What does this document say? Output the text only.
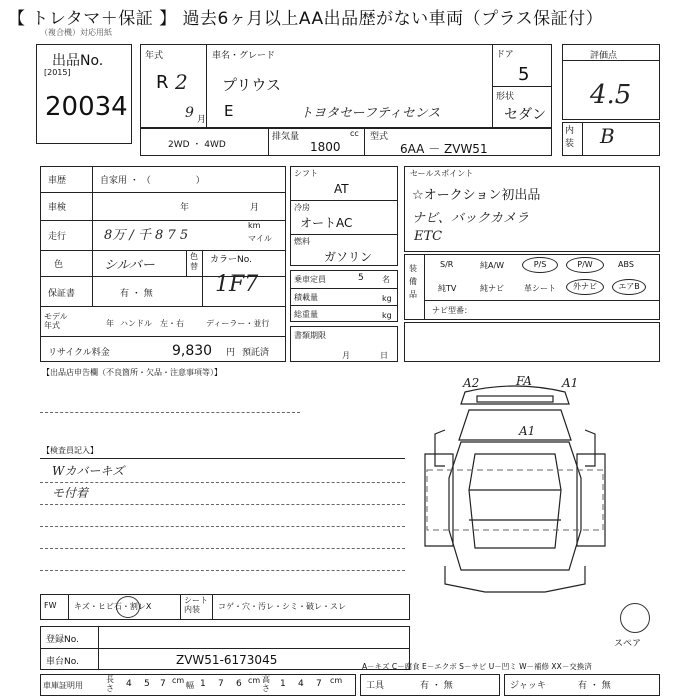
【 トレタマ＋保証 】 過去6ヶ月以上AA出品歴がない車両（プラス保証付）
（複合機）対応用紙
出品No.
[2015]
20034
年式
R 2
9 月
車名・グレード
プリウス
E	トヨタセーフティセンス
ドア
5
形状
セダン
評価点
4.5
内装 B
2WD ・ 4WD
排気量	cc
1800
型式
6AA － ZVW51
車歴	自家用 ・ （　　　　　）
車検	年	月
走行	8万 / 千 8 7 5
km
マイル
色	シルバー
色替
カラーNo.
1F7
保証書	有 ・ 無
モデル年式	年 ハンドル　左・右	ディーラー・並行
リサイクル料金	9,830 円 預託済
シフト
AT
冷房
オートAC
燃料
ガソリン
乗車定員	5 名
積載量	kg
総重量	kg
書類期限
月	日
セールスポイント
☆オークション初出品
ナビ、バックカメラ
ETC
装備品
S/R	純A/W	P/S	P/W	ABS
純TV	純ナビ	革シート	外ナビ	エアB
ナビ型番：
【出品店申告欄（不良箇所・欠品・注意事項等）】
【検査員記入】
Wカバーキズ
モ付着
A2	FA	A1
A1
スペア
FW キズ・ヒビ石・割レX
シート内装	コゲ・穴・汚レ・シミ・破レ・スレ
登録No.
車台No.	ZVW51-6173045	A－キズ C－腐食 E－エクボ S－サビ U－凹ミ W－補修 XX－交換済
車庫証明用
長さ 4 5 7 cm
幅 1 7 6 cm 高さ 1 4 7 cm
工具	有 ・ 無	ジャッキ	有 ・ 無
